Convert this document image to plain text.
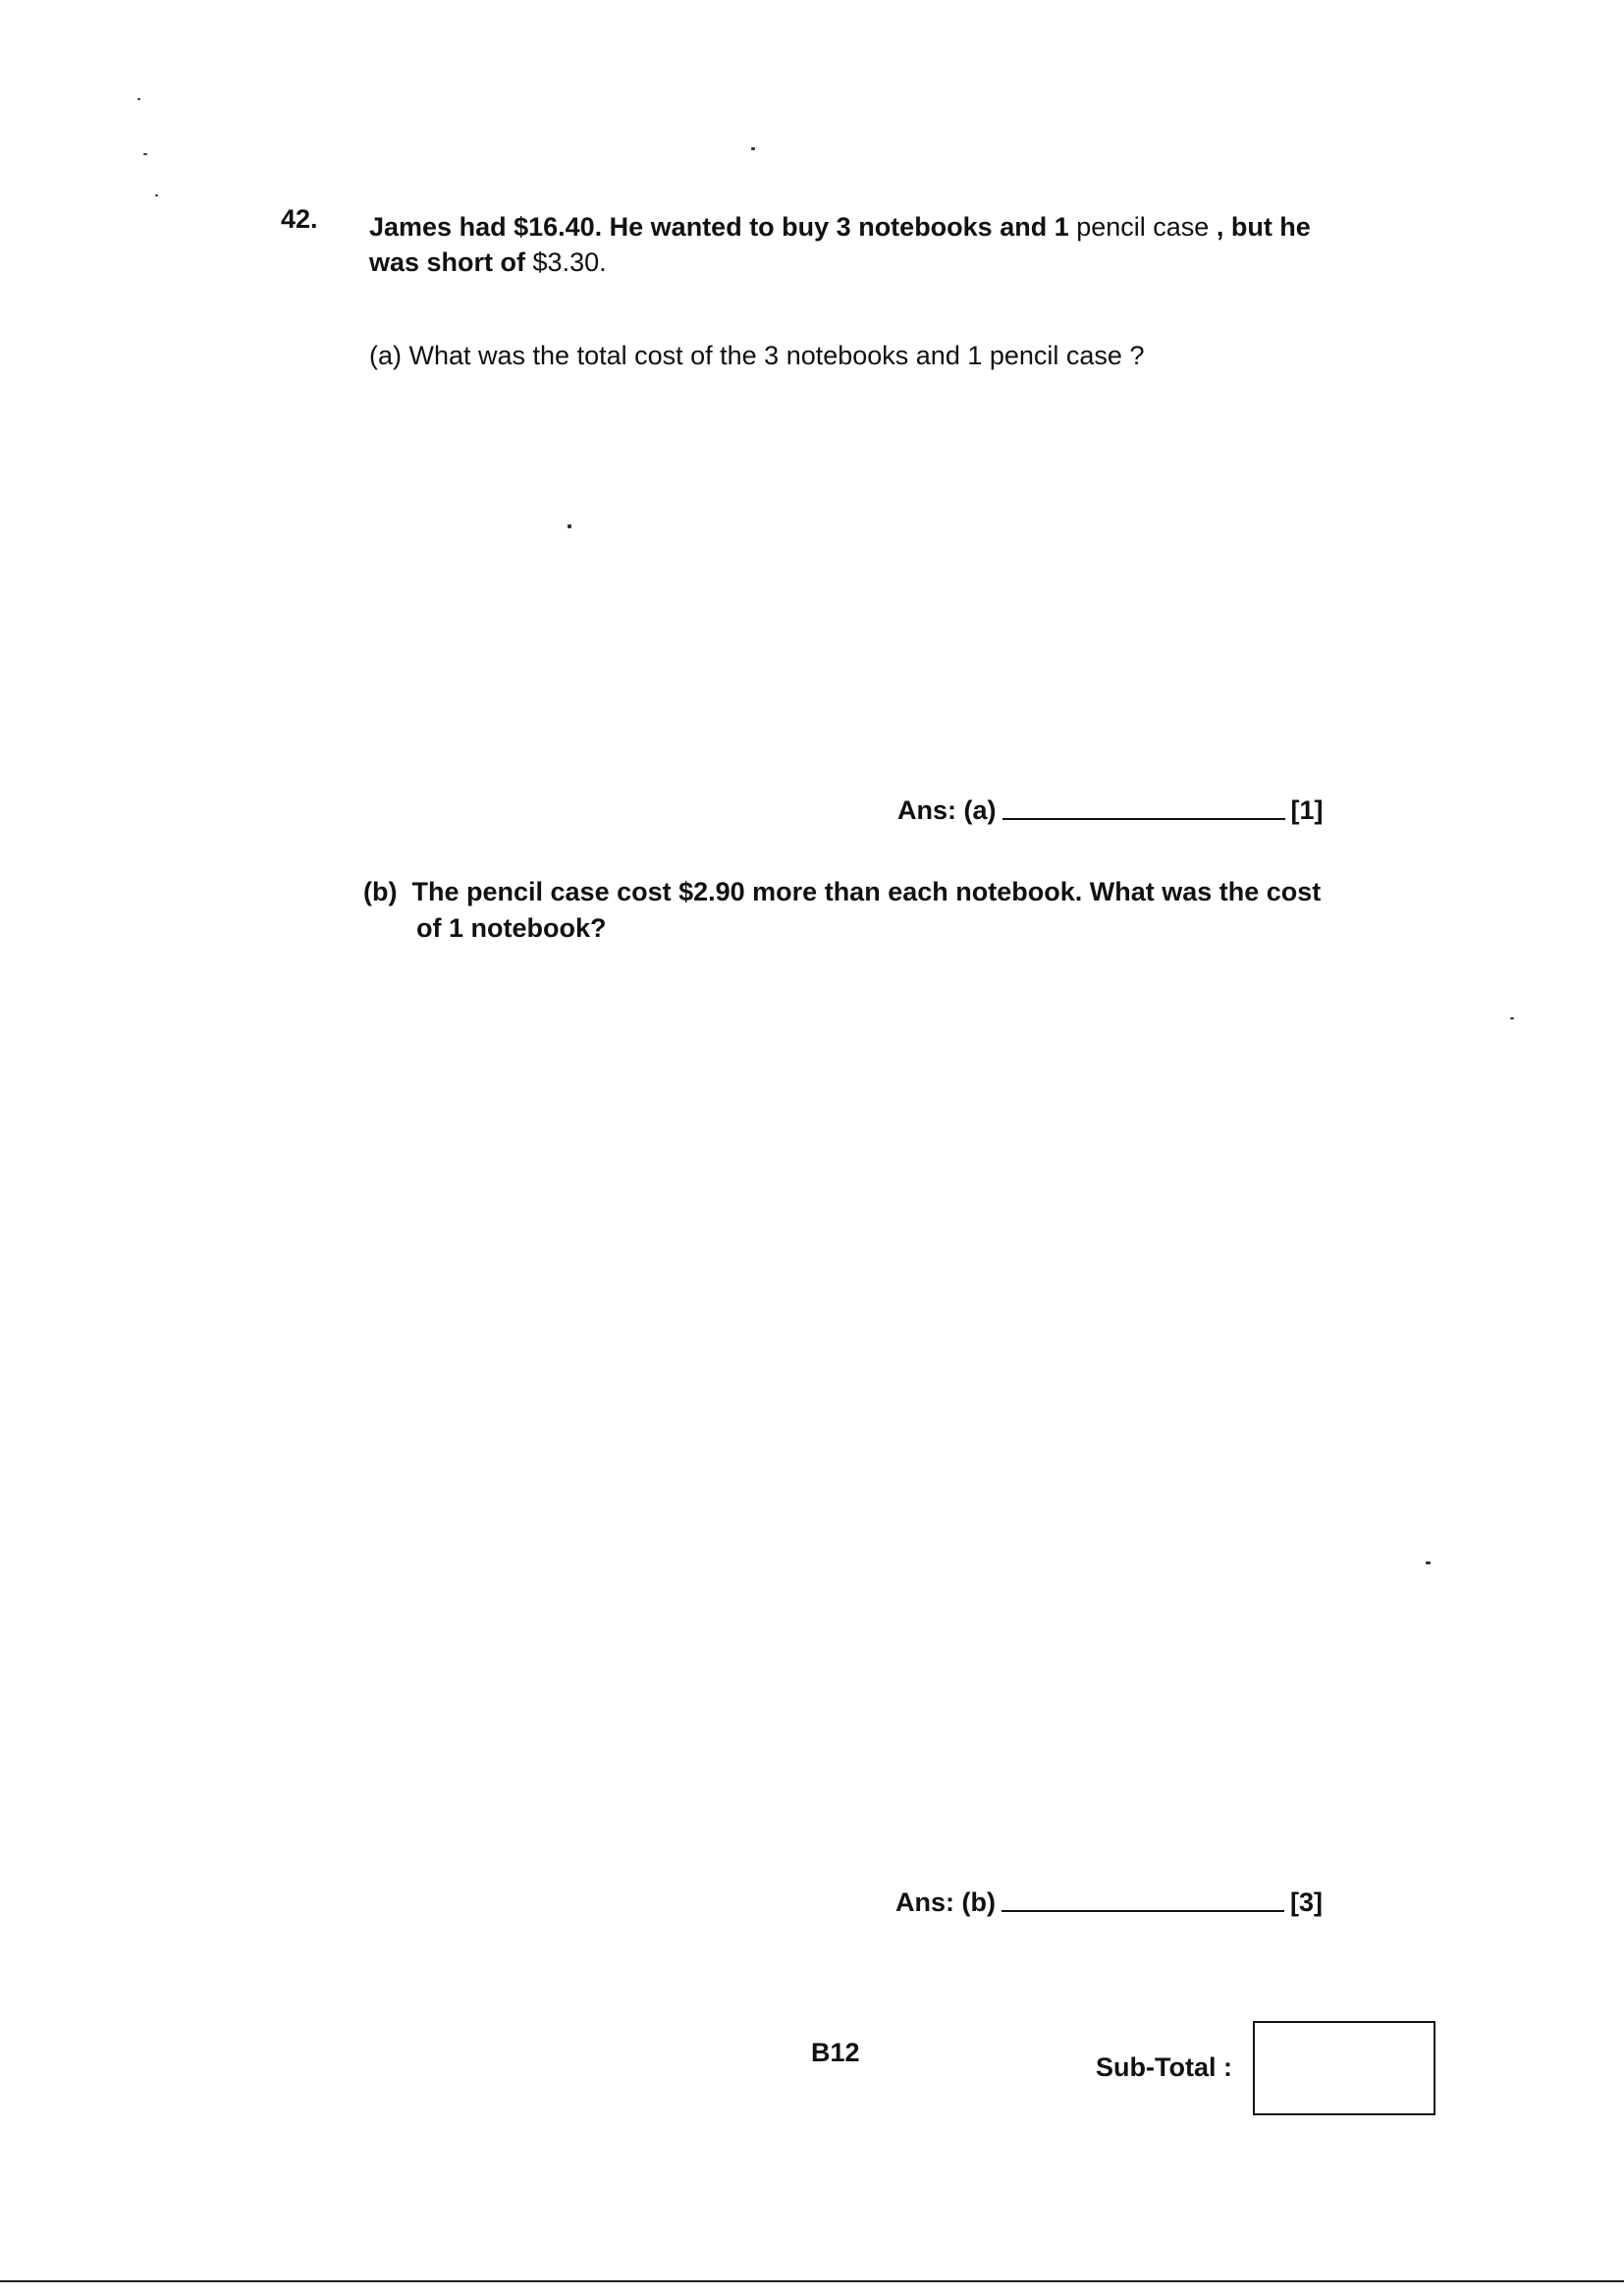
42. James had $16.40. He wanted to buy 3 notebooks and 1 pencil case , but he
was short of $3.30.
(a) What was the total cost of the 3 notebooks and 1 pencil case ?
Ans: (a)	[1]
(b) The pencil case cost $2.90 more than each notebook. What was the cost
of 1 notebook?
Ans: (b)	[3]
B12	Sub-Total :
